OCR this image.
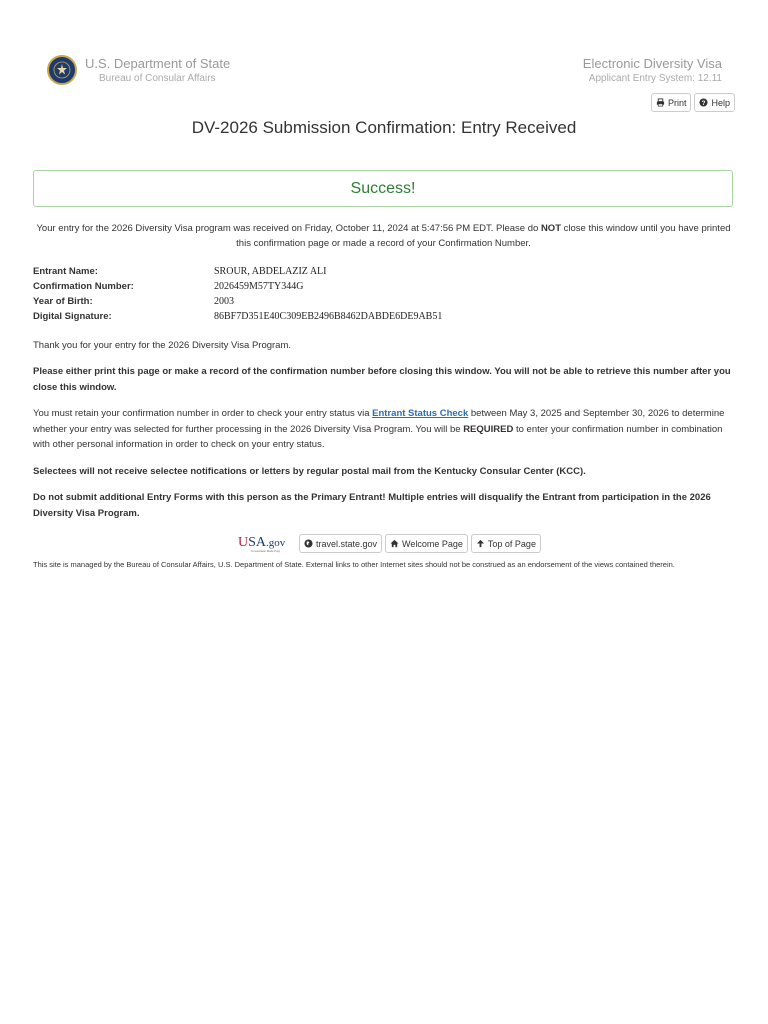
U.S. Department of State
Bureau of Consular Affairs
Electronic Diversity Visa
Applicant Entry System: 12.11
Print ? Help
DV-2026 Submission Confirmation: Entry Received
Success!
Your entry for the 2026 Diversity Visa program was received on Friday, October 11, 2024 at 5:47:56 PM EDT. Please do NOT close this window until you have printed this confirmation page or made a record of your Confirmation Number.
Entrant Name:	SROUR, ABDELAZIZ ALI
Confirmation Number:	2026459M57TY344G
Year of Birth:	2003
Digital Signature:	86BF7D351E40C309EB2496B8462DABDE6DE9AB51
Thank you for your entry for the 2026 Diversity Visa Program.
Please either print this page or make a record of the confirmation number before closing this window. You will not be able to retrieve this number after you close this window.
You must retain your confirmation number in order to check your entry status via Entrant Status Check between May 3, 2025 and September 30, 2026 to determine whether your entry was selected for further processing in the 2026 Diversity Visa Program. You will be REQUIRED to enter your confirmation number in combination with other personal information in order to check on your entry status.
Selectees will not receive selectee notifications or letters by regular postal mail from the Kentucky Consular Center (KCC).
Do not submit additional Entry Forms with this person as the Primary Entrant! Multiple entries will disqualify the Entrant from participation in the 2026 Diversity Visa Program.
USA.gov
Government Made Easy
travel.state.gov	Welcome Page	Top of Page
This site is managed by the Bureau of Consular Affairs, U.S. Department of State. External links to other Internet sites should not be construed as an endorsement of the views contained therein.
